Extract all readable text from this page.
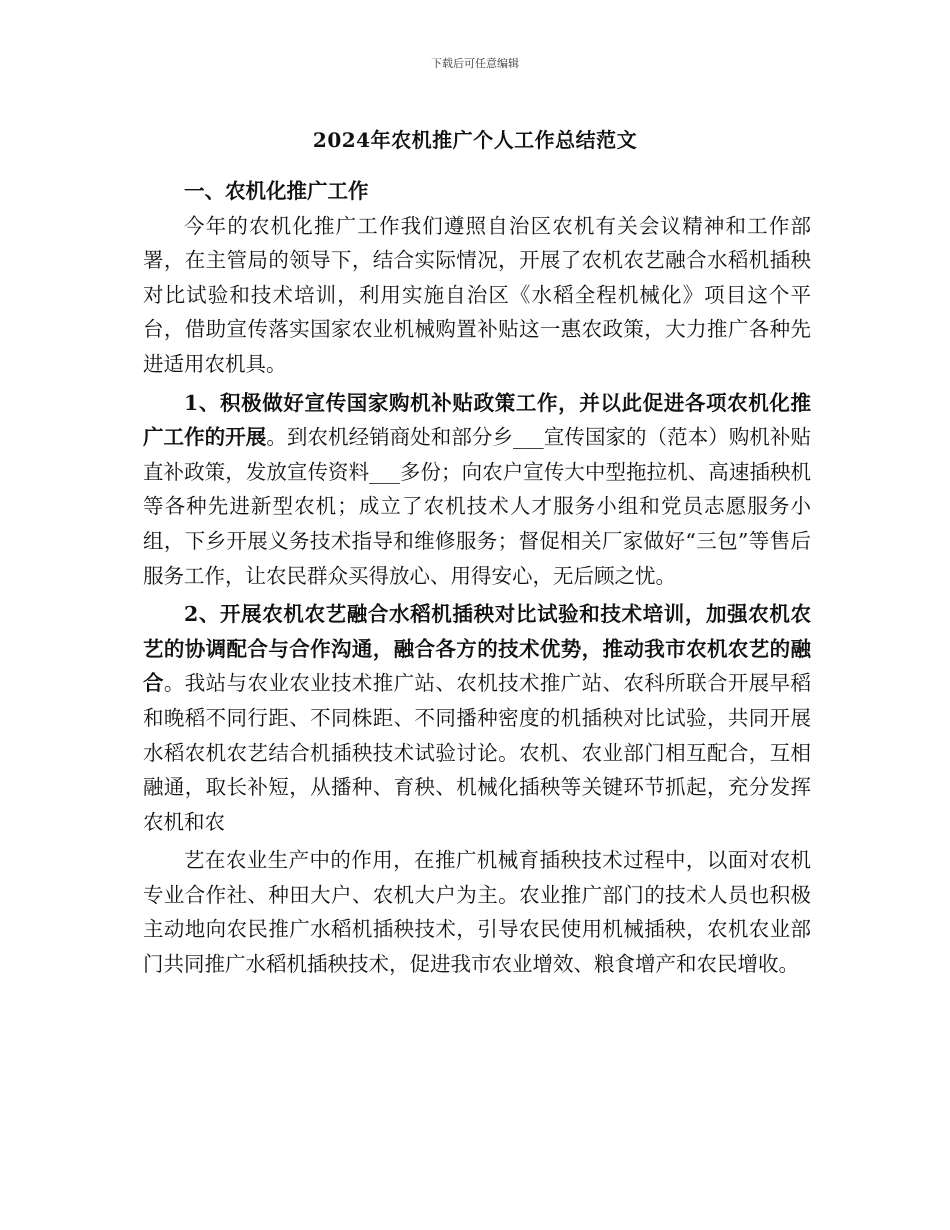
下载后可任意编辑
2024年农机推广个人工作总结范文

一、农机化推广工作

今年的农机化推广工作我们遵照自治区农机有关会议精神和工作部署，在主管局的领导下，结合实际情况，开展了农机农艺融合水稻机插秧对比试验和技术培训，利用实施自治区《水稻全程机械化》项目这个平台，借助宣传落实国家农业机械购置补贴这一惠农政策，大力推广各种先进适用农机具。

1、积极做好宣传国家购机补贴政策工作，并以此促进各项农机化推广工作的开展。到农机经销商处和部分乡___宣传国家的（范本）购机补贴直补政策，发放宣传资料___多份；向农户宣传大中型拖拉机、高速插秧机等各种先进新型农机；成立了农机技术人才服务小组和党员志愿服务小组，下乡开展义务技术指导和维修服务；督促相关厂家做好“三包”等售后服务工作，让农民群众买得放心、用得安心，无后顾之忧。

2、开展农机农艺融合水稻机插秧对比试验和技术培训，加强农机农艺的协调配合与合作沟通，融合各方的技术优势，推动我市农机农艺的融合。我站与农业农业技术推广站、农机技术推广站、农科所联合开展早稻和晚稻不同行距、不同株距、不同播种密度的机插秧对比试验，共同开展水稻农机农艺结合机插秧技术试验讨论。农机、农业部门相互配合，互相融通，取长补短，从播种、育秧、机械化插秧等关键环节抓起，充分发挥农机和农

艺在农业生产中的作用，在推广机械育插秧技术过程中，以面对农机专业合作社、种田大户、农机大户为主。农业推广部门的技术人员也积极主动地向农民推广水稻机插秧技术，引导农民使用机械插秧，农机农业部门共同推广水稻机插秧技术，促进我市农业增效、粮食增产和农民增收。
